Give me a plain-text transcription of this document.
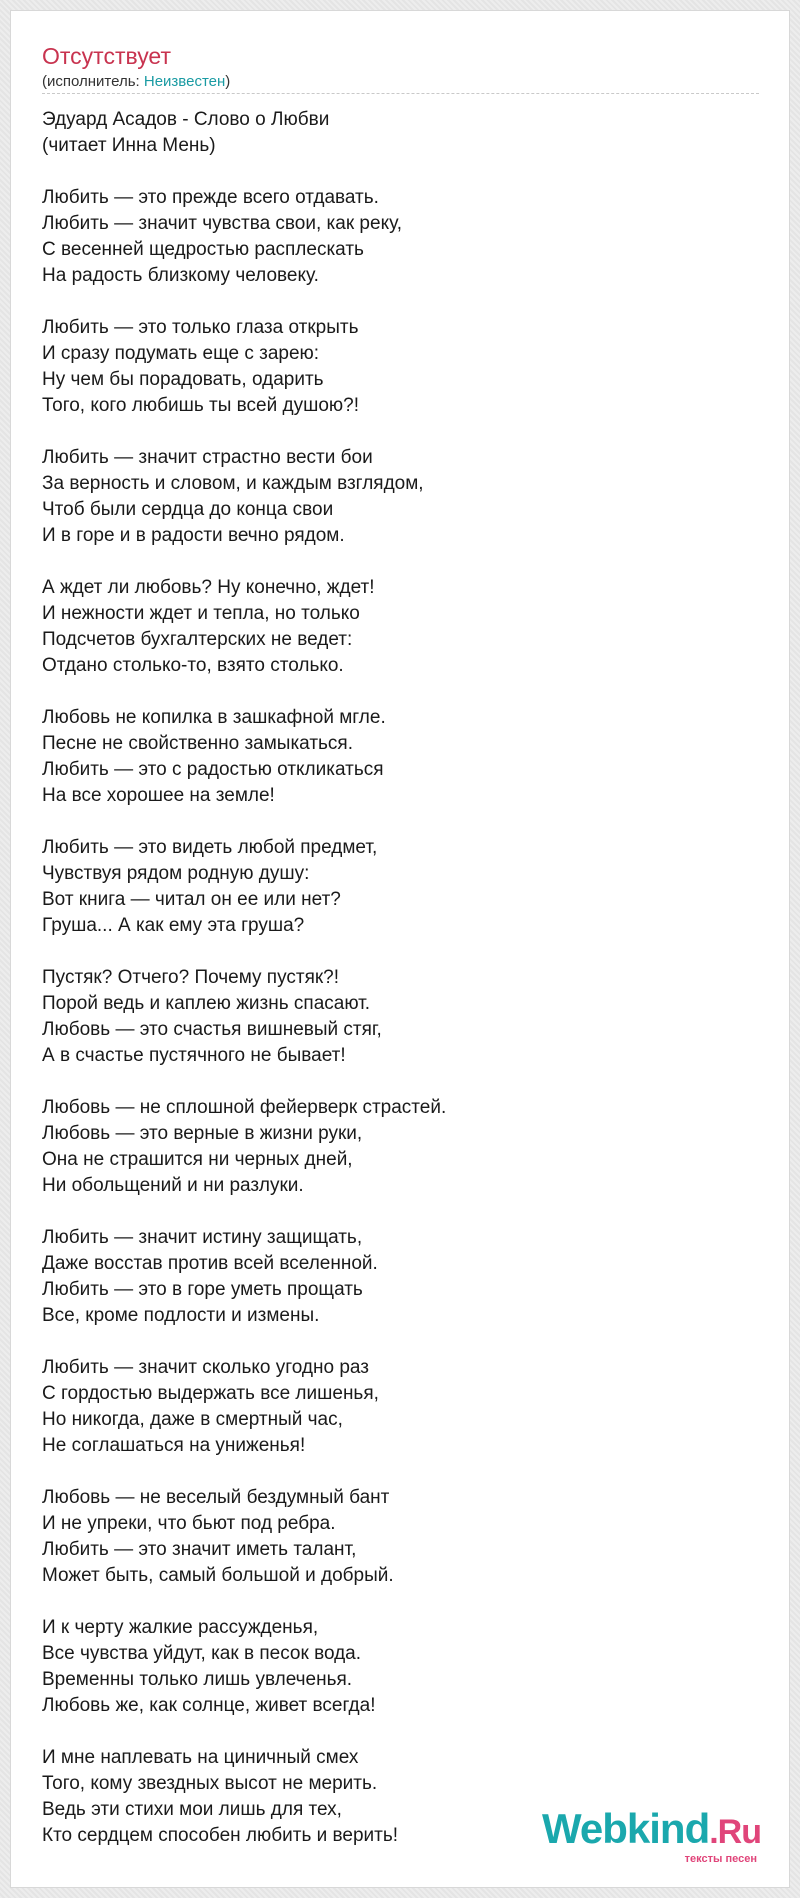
Отсутствует
(исполнитель: Неизвестен)
Эдуард Асадов - Слово о Любви
(читает Инна Мень)
Любить — это прежде всего отдавать.
Любить — значит чувства свои, как реку,
С весенней щедростью расплескать
На радость близкому человеку.
Любить — это только глаза открыть
И сразу подумать еще с зарею:
Ну чем бы порадовать, одарить
Того, кого любишь ты всей душою?!
Любить — значит страстно вести бои
За верность и словом, и каждым взглядом,
Чтоб были сердца до конца свои
И в горе и в радости вечно рядом.
А ждет ли любовь? Ну конечно, ждет!
И нежности ждет и тепла, но только
Подсчетов бухгалтерских не ведет:
Отдано столько-то, взято столько.
Любовь не копилка в зашкафной мгле.
Песне не свойственно замыкаться.
Любить — это с радостью откликаться
На все хорошее на земле!
Любить — это видеть любой предмет,
Чувствуя рядом родную душу:
Вот книга — читал он ее или нет?
Груша... А как ему эта груша?
Пустяк? Отчего? Почему пустяк?!
Порой ведь и каплею жизнь спасают.
Любовь — это счастья вишневый стяг,
А в счастье пустячного не бывает!
Любовь — не сплошной фейерверк страстей.
Любовь — это верные в жизни руки,
Она не страшится ни черных дней,
Ни обольщений и ни разлуки.
Любить — значит истину защищать,
Даже восстав против всей вселенной.
Любить — это в горе уметь прощать
Все, кроме подлости и измены.
Любить — значит сколько угодно раз
С гордостью выдержать все лишенья,
Но никогда, даже в смертный час,
Не соглашаться на униженья!
Любовь — не веселый бездумный бант
И не упреки, что бьют под ребра.
Любить — это значит иметь талант,
Может быть, самый большой и добрый.
И к черту жалкие рассужденья,
Все чувства уйдут, как в песок вода.
Временны только лишь увлеченья.
Любовь же, как солнце, живет всегда!
И мне наплевать на циничный смех
Того, кому звездных высот не мерить.
Ведь эти стихи мои лишь для тех,
Кто сердцем способен любить и верить!	Webkind.Ru
тексты песен
